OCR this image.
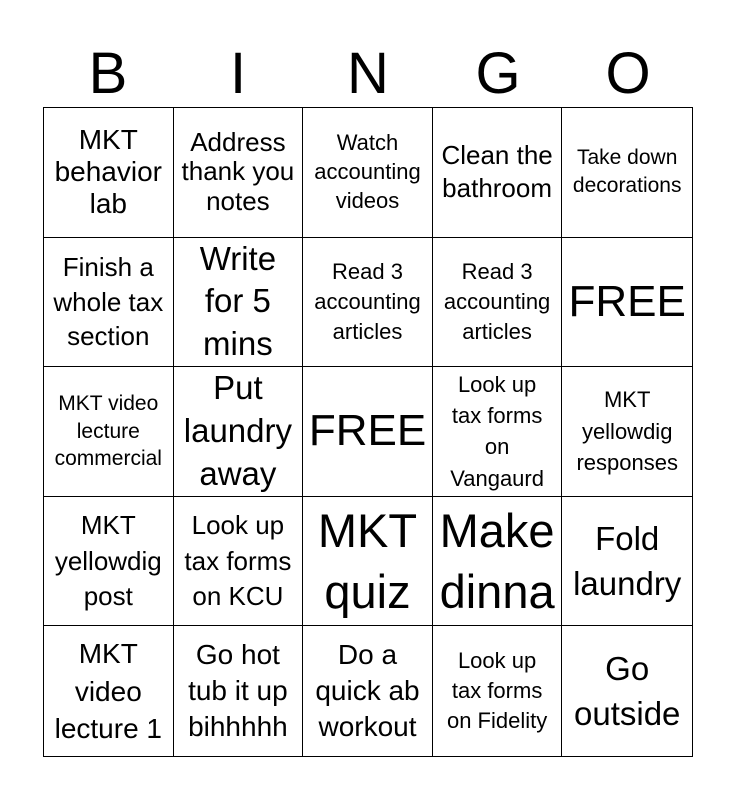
B	I	N	G	O
MKT
behavior
lab
Address
thank you
notes
Watch
accounting
videos
Clean the
bathroom
Take down
decorations
Finish a
whole tax
section
Write
for 5
mins
Read 3
accounting
articles
Read 3
accounting
articles
FREE
MKT video
lecture
commercial
Put
laundry
away
FREE
Look up
tax forms
on
Vangaurd
MKT
yellowdig
responses
MKT
yellowdig
post
Look up
tax forms
on KCU
MKT
quiz
Make
dinna
Fold
laundry
MKT
video
lecture 1
Go hot
tub it up
bihhhhh
Do a
quick ab
workout
Look up
tax forms
on Fidelity
Go
outside
